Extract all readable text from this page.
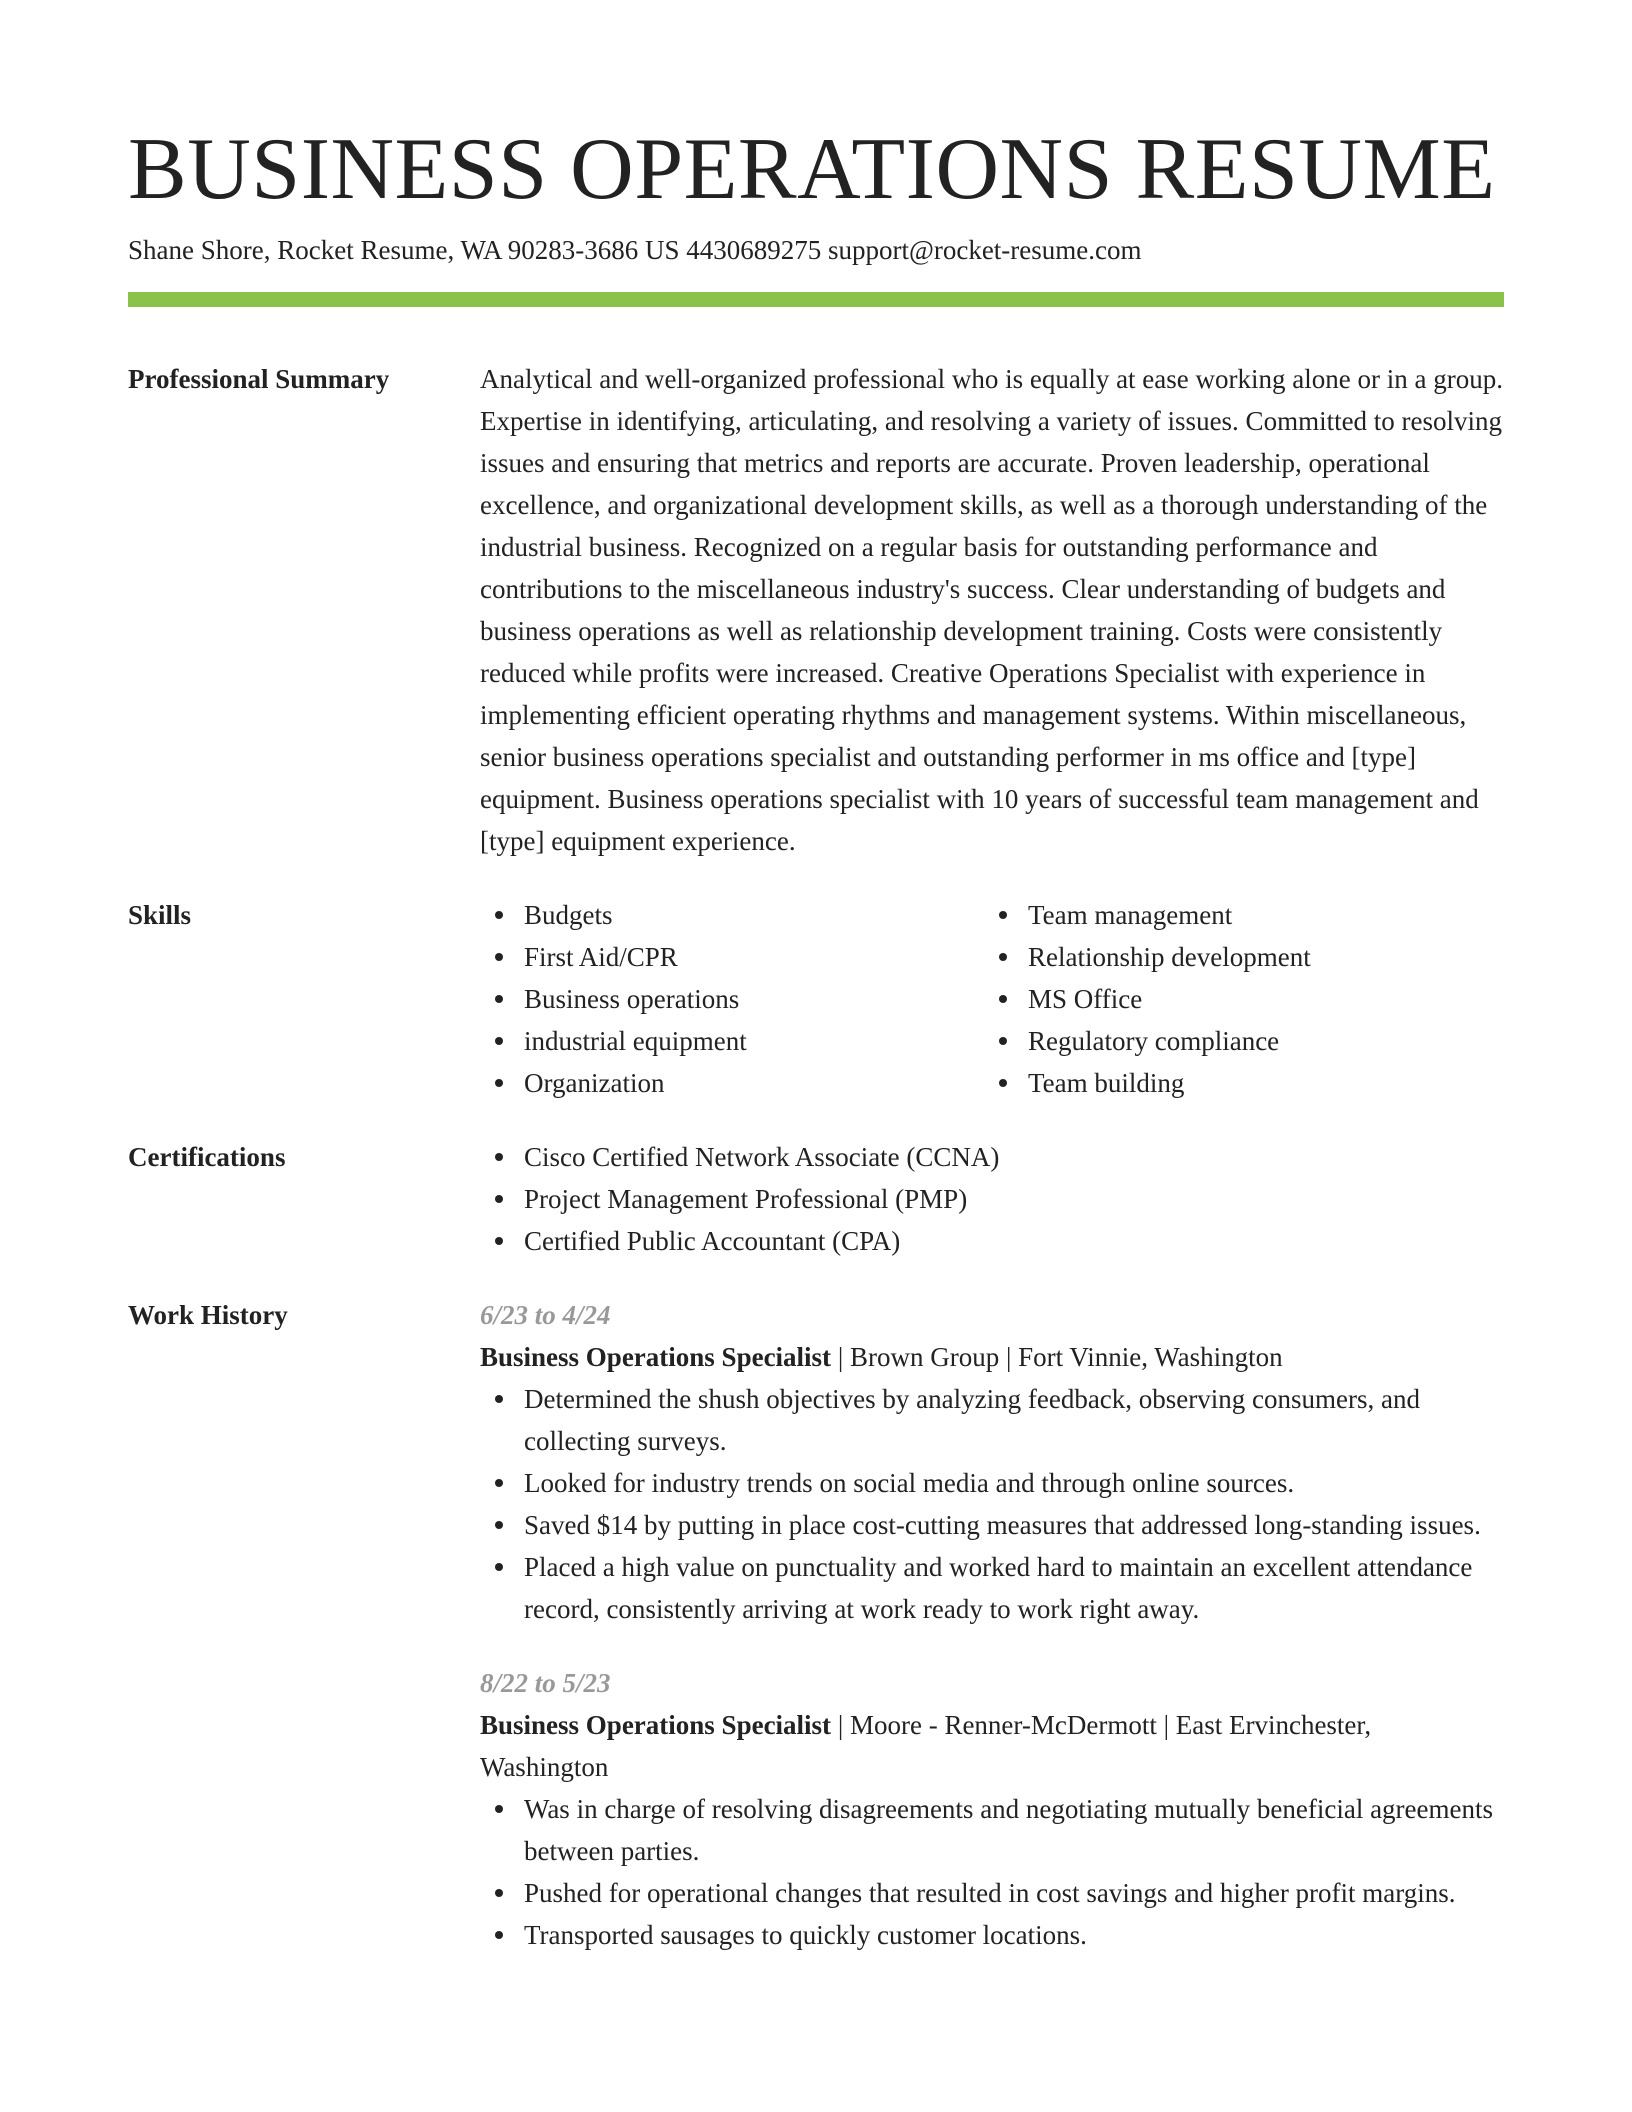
BUSINESS OPERATIONS RESUME
Shane Shore, Rocket Resume, WA 90283-3686 US 4430689275 support@rocket-resume.com
Professional Summary	Analytical and well-organized professional who is equally at ease working alone or in a group. Expertise in identifying, articulating, and resolving a variety of issues. Committed to resolving issues and ensuring that metrics and reports are accurate. Proven leadership, operational excellence, and organizational development skills, as well as a thorough understanding of the industrial business. Recognized on a regular basis for outstanding performance and contributions to the miscellaneous industry's success. Clear understanding of budgets and business operations as well as relationship development training. Costs were consistently reduced while profits were increased. Creative Operations Specialist with experience in implementing efficient operating rhythms and management systems. Within miscellaneous, senior business operations specialist and outstanding performer in ms office and [type] equipment. Business operations specialist with 10 years of successful team management and [type] equipment experience.
Skills	Budgets
First Aid/CPR
Business operations
industrial equipment
Organization
Team management
Relationship development
MS Office
Regulatory compliance
Team building
Certifications	Cisco Certified Network Associate (CCNA)
Project Management Professional (PMP)
Certified Public Accountant (CPA)
Work History	6/23 to 4/24
Business Operations Specialist | Brown Group | Fort Vinnie, Washington
Determined the shush objectives by analyzing feedback, observing consumers, and collecting surveys.
Looked for industry trends on social media and through online sources.
Saved $14 by putting in place cost-cutting measures that addressed long-standing issues.
Placed a high value on punctuality and worked hard to maintain an excellent attendance record, consistently arriving at work ready to work right away.
8/22 to 5/23
Business Operations Specialist | Moore - Renner-McDermott | East Ervinchester, Washington
Was in charge of resolving disagreements and negotiating mutually beneficial agreements between parties.
Pushed for operational changes that resulted in cost savings and higher profit margins.
Transported sausages to quickly customer locations.
